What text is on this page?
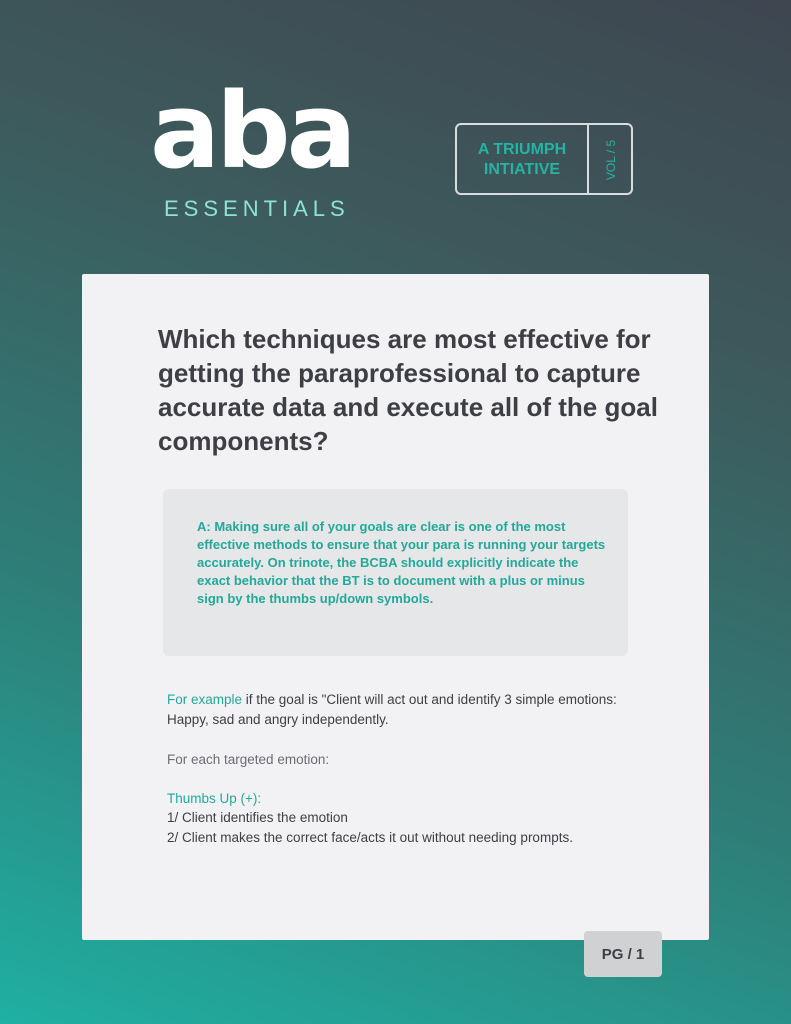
aba
ESSENTIALS
A TRIUMPH
INTIATIVE	VOL / 5
Which techniques are most effective for getting the paraprofessional to capture accurate data and execute all of the goal components?

A: Making sure all of your goals are clear is one of the most effective methods to ensure that your para is running your targets accurately. On trinote, the BCBA should explicitly indicate the exact behavior that the BT is to document with a plus or minus sign by the thumbs up/down symbols.

For example if the goal is "Client will act out and identify 3 simple emotions: Happy, sad and angry independently.

For each targeted emotion:

Thumbs Up (+):

1/ Client identifies the emotion

2/ Client makes the correct face/acts it out without needing prompts.

PG / 1
